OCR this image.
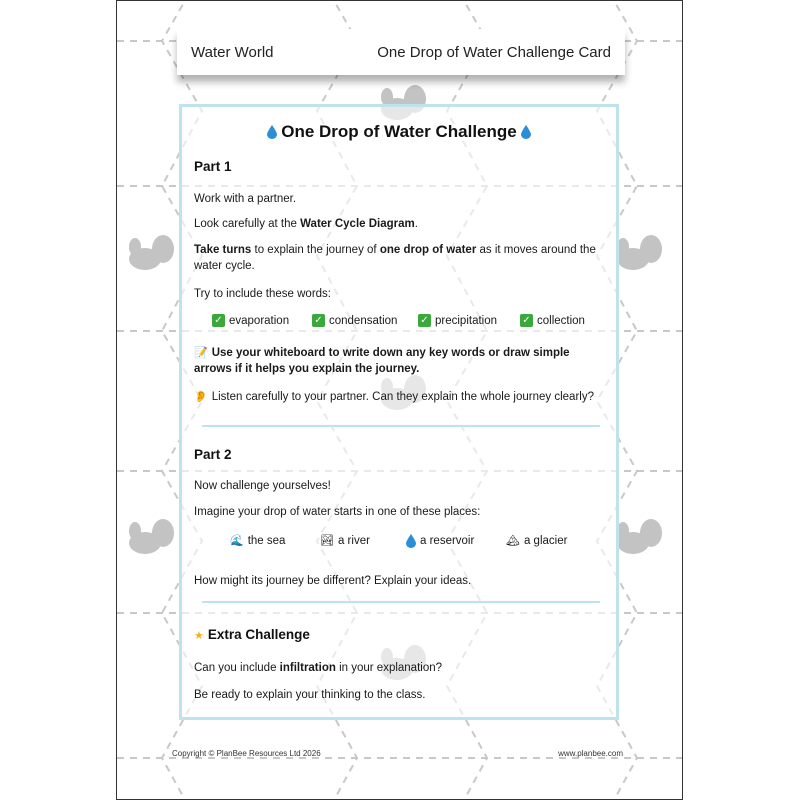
Water World	One Drop of Water Challenge Card
One Drop of Water Challenge
Part 1
Work with a partner.
Look carefully at the Water Cycle Diagram.
Take turns to explain the journey of one drop of water as it moves around the water cycle.
Try to include these words:
✓ evaporation	✓ condensation ✓ precipitation	✓ collection
📝 Use your whiteboard to write down any key words or draw simple arrows if it helps you explain the journey.
👂 Listen carefully to your partner. Can they explain the whole journey clearly?
Part 2
Now challenge yourselves!
Imagine your drop of water starts in one of these places:
🌊 the sea	🏞 a river	a reservoir	🏔 a glacier
How might its journey be different? Explain your ideas.
★ Extra Challenge
Can you include infiltration in your explanation?
Be ready to explain your thinking to the class.
Copyright © PlanBee Resources Ltd 2026	www.planbee.com
